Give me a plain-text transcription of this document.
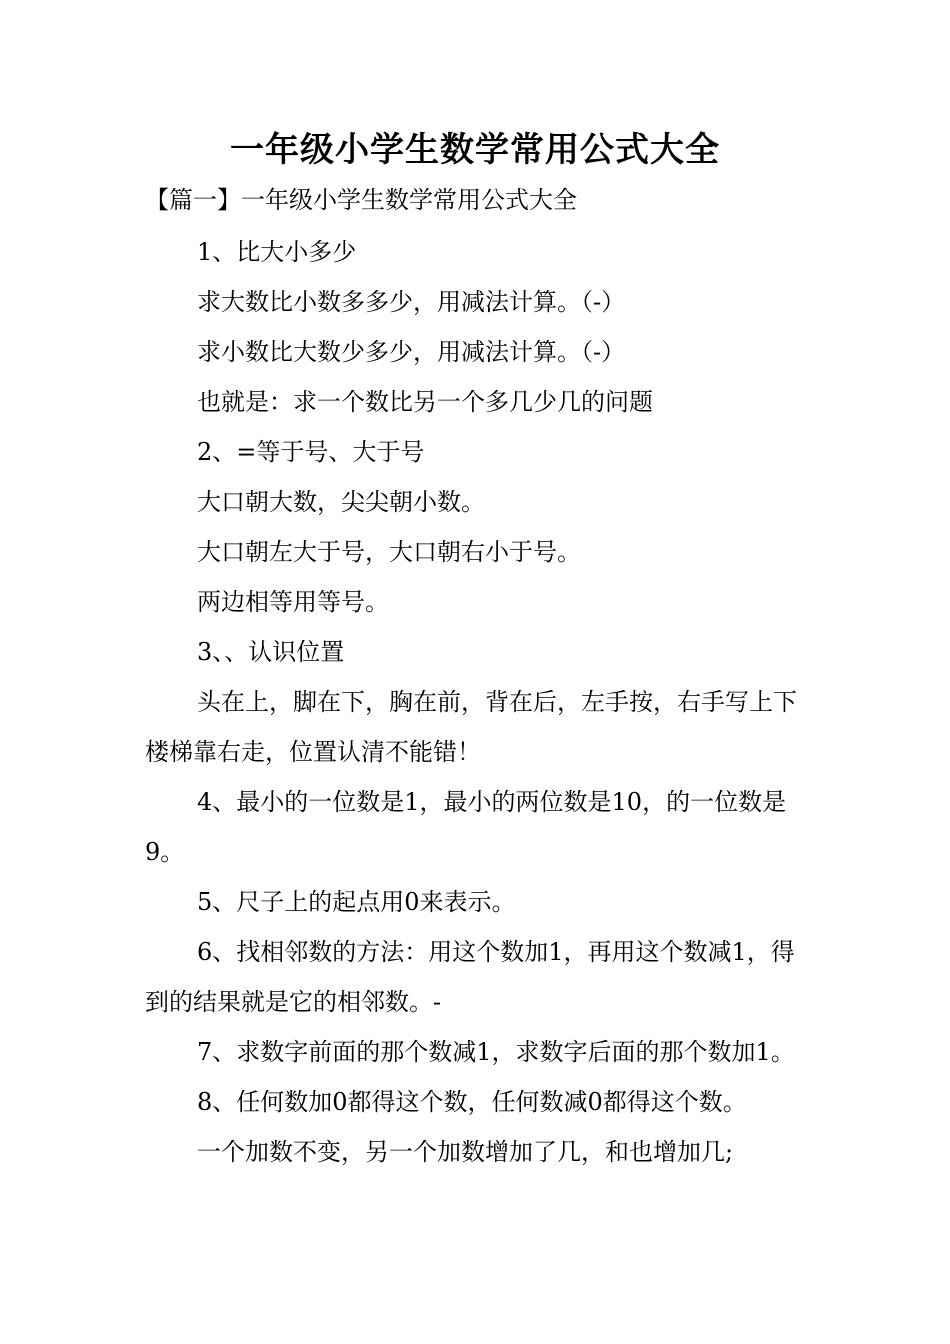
一年级小学生数学常用公式大全
【篇一】一年级小学生数学常用公式大全

1、比大小多少

求大数比小数多多少，用减法计算。（-）

求小数比大数少多少，用减法计算。（-）

也就是：求一个数比另一个多几少几的问题

2、=等于号、大于号

大口朝大数，尖尖朝小数。

大口朝左大于号，大口朝右小于号。

两边相等用等号。

3、、认识位置

头在上，脚在下，胸在前，背在后，左手按，右手写上下楼梯靠右走，位置认清不能错！

4、最小的一位数是1，最小的两位数是10，的一位数是9。

5、尺子上的起点用0来表示。

6、找相邻数的方法：用这个数加1，再用这个数减1，得到的结果就是它的相邻数。-

7、求数字前面的那个数减1，求数字后面的那个数加1。

8、任何数加0都得这个数，任何数减0都得这个数。

一个加数不变，另一个加数增加了几，和也增加几;
